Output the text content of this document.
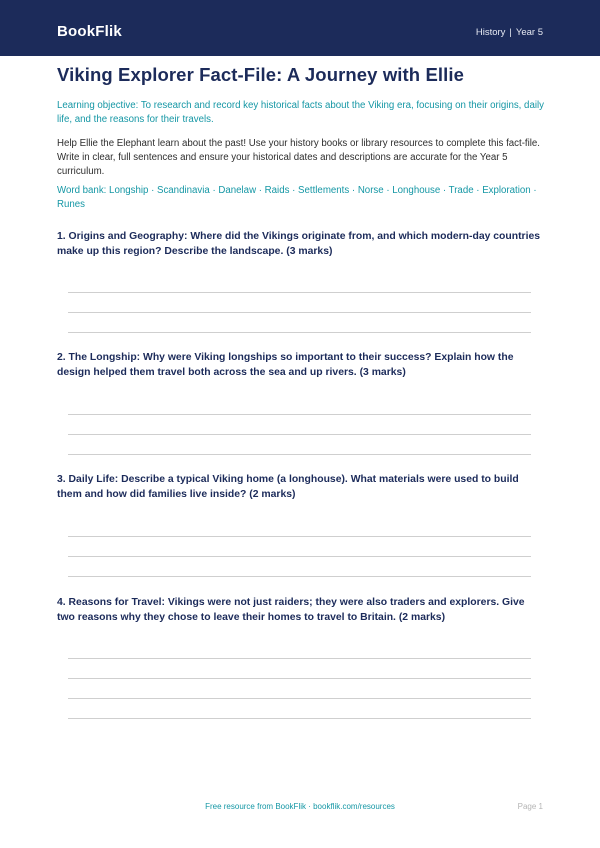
BookFlik	History | Year 5
Viking Explorer Fact-File: A Journey with Ellie

Learning objective: To research and record key historical facts about the Viking era, focusing on their origins, daily life, and the reasons for their travels.

Help Ellie the Elephant learn about the past! Use your history books or library resources to complete this fact-file. Write in clear, full sentences and ensure your historical dates and descriptions are accurate for the Year 5 curriculum.

Word bank: Longship · Scandinavia · Danelaw · Raids · Settlements · Norse · Longhouse · Trade · Exploration · Runes

1. Origins and Geography: Where did the Vikings originate from, and which modern-day countries make up this region? Describe the landscape. (3 marks)

2. The Longship: Why were Viking longships so important to their success? Explain how the design helped them travel both across the sea and up rivers. (3 marks)

3. Daily Life: Describe a typical Viking home (a longhouse). What materials were used to build them and how did families live inside? (2 marks)

4. Reasons for Travel: Vikings were not just raiders; they were also traders and explorers. Give two reasons why they chose to leave their homes to travel to Britain. (2 marks)

Free resource from BookFlik · bookflik.com/resources	Page 1
